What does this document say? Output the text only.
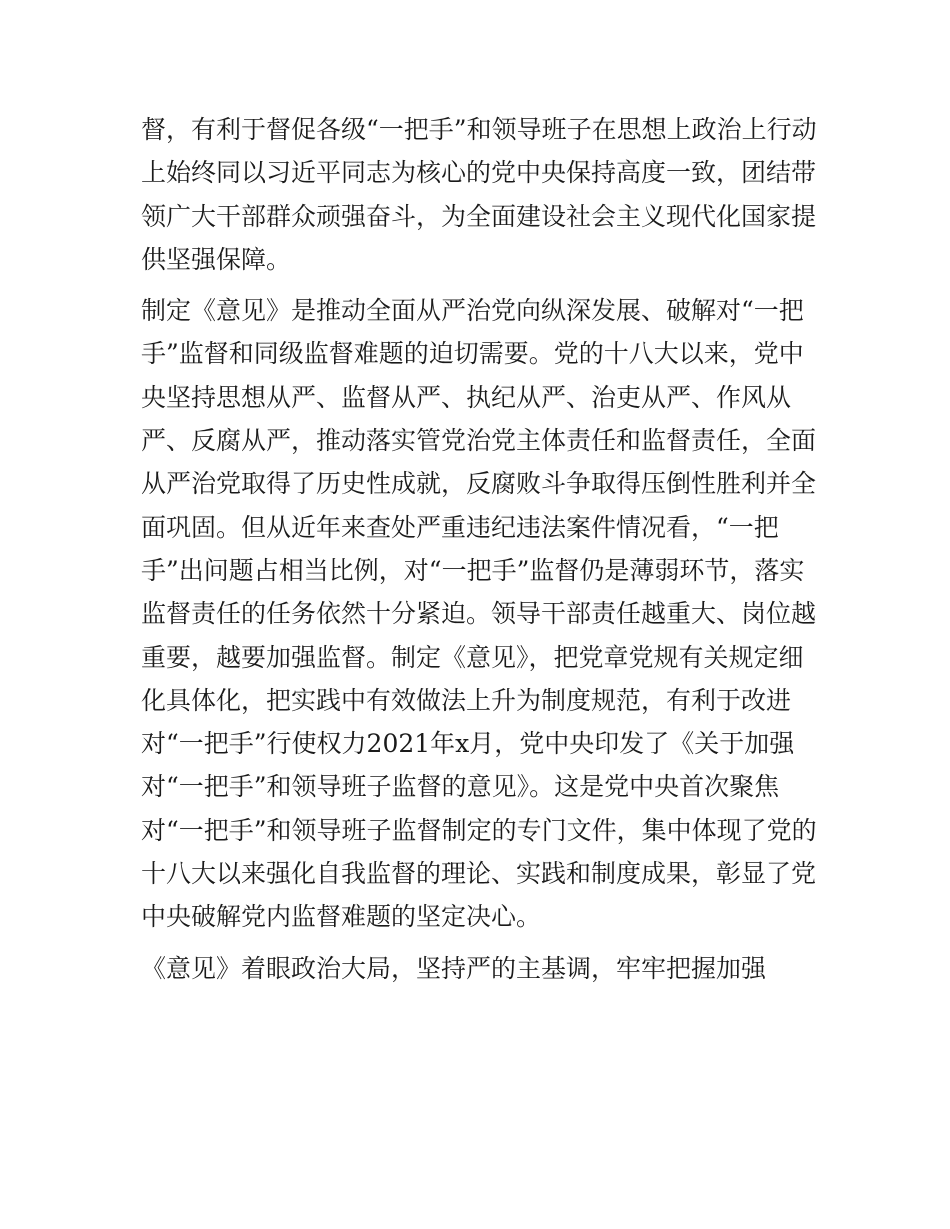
督，有利于督促各级“一把手”和领导班子在思想上政治上行动
上始终同以习近平同志为核心的党中央保持高度一致，团结带
领广大干部群众顽强奋斗，为全面建设社会主义现代化国家提
供坚强保障。
制定《意见》是推动全面从严治党向纵深发展、破解对“一把
手”监督和同级监督难题的迫切需要。党的十八大以来，党中
央坚持思想从严、监督从严、执纪从严、治吏从严、作风从
严、反腐从严，推动落实管党治党主体责任和监督责任，全面
从严治党取得了历史性成就，反腐败斗争取得压倒性胜利并全
面巩固。但从近年来查处严重违纪违法案件情况看，“一把
手”出问题占相当比例，对“一把手”监督仍是薄弱环节，落实
监督责任的任务依然十分紧迫。领导干部责任越重大、岗位越
重要，越要加强监督。制定《意见》，把党章党规有关规定细
化具体化，把实践中有效做法上升为制度规范，有利于改进
对“一把手”行使权力2021年x月，党中央印发了《关于加强
对“一把手”和领导班子监督的意见》。这是党中央首次聚焦
对“一把手”和领导班子监督制定的专门文件，集中体现了党的
十八大以来强化自我监督的理论、实践和制度成果，彰显了党
中央破解党内监督难题的坚定决心。
《意见》着眼政治大局，坚持严的主基调，牢牢把握加强
